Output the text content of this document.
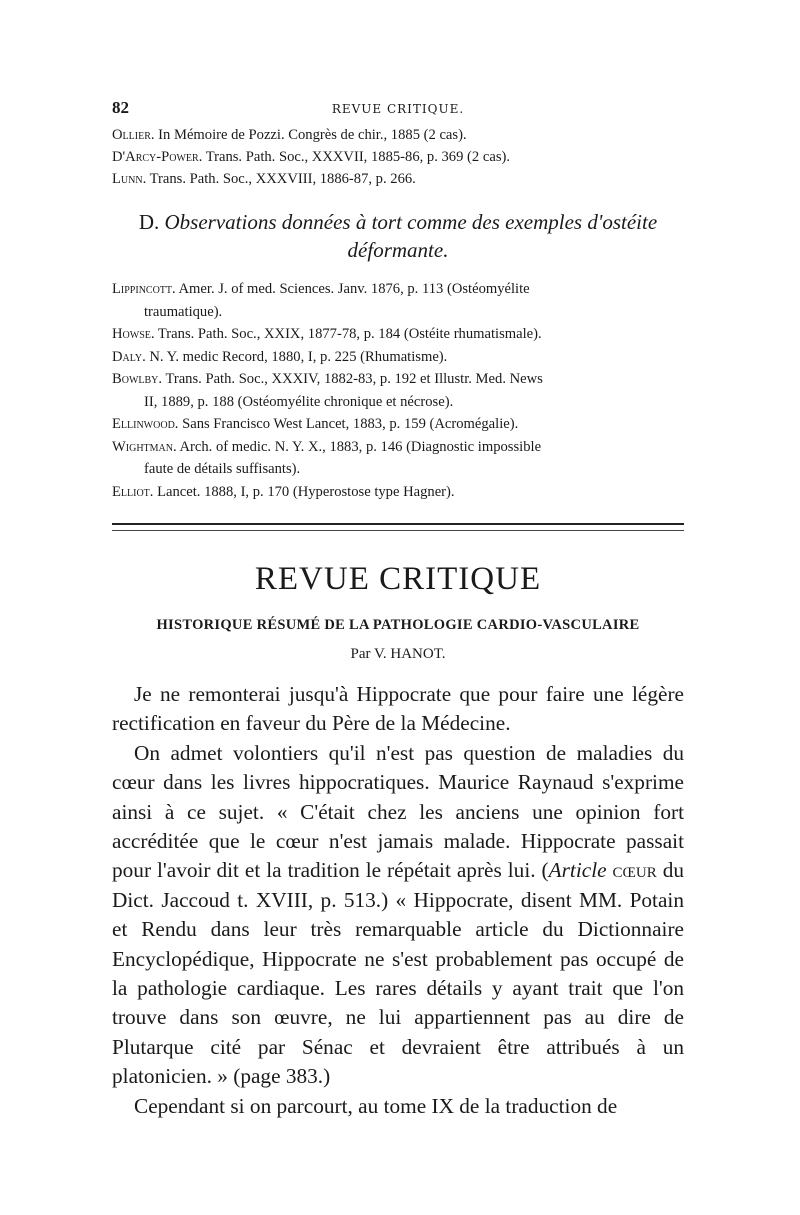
82	REVUE CRITIQUE.

Ollier. In Mémoire de Pozzi. Congrès de chir., 1885 (2 cas).

D'Arcy-Power. Trans. Path. Soc., XXXVII, 1885-86, p. 369 (2 cas).

Lunn. Trans. Path. Soc., XXXVIII, 1886-87, p. 266.

D. Observations données à tort comme des exemples d'ostéite déformante.

Lippincott. Amer. J. of med. Sciences. Janv. 1876, p. 113 (Ostéomyélite
traumatique).

Howse. Trans. Path. Soc., XXIX, 1877-78, p. 184 (Ostéite rhumatismale).

Daly. N. Y. medic Record, 1880, I, p. 225 (Rhumatisme).

Bowlby. Trans. Path. Soc., XXXIV, 1882-83, p. 192 et Illustr. Med. News
II, 1889, p. 188 (Ostéomyélite chronique et nécrose).

Ellinwood. Sans Francisco West Lancet, 1883, p. 159 (Acromégalie).

Wightman. Arch. of medic. N. Y. X., 1883, p. 146 (Diagnostic impossible
faute de détails suffisants).

Elliot. Lancet. 1888, I, p. 170 (Hyperostose type Hagner).

REVUE CRITIQUE

HISTORIQUE RÉSUMÉ DE LA PATHOLOGIE CARDIO-VASCULAIRE

Par V. HANOT.

Je ne remonterai jusqu'à Hippocrate que pour faire une légère rectification en faveur du Père de la Médecine.

On admet volontiers qu'il n'est pas question de maladies du cœur dans les livres hippocratiques. Maurice Raynaud s'exprime ainsi à ce sujet. « C'était chez les anciens une opinion fort accréditée que le cœur n'est jamais malade. Hippocrate passait pour l'avoir dit et la tradition le répétait après lui. (Article cœur du Dict. Jaccoud t. XVIII, p. 513.) « Hippocrate, disent MM. Potain et Rendu dans leur très remarquable article du Dictionnaire Encyclopédique, Hippocrate ne s'est probablement pas occupé de la pathologie cardiaque. Les rares détails y ayant trait que l'on trouve dans son œuvre, ne lui appartiennent pas au dire de Plutarque cité par Sénac et devraient être attribués à un platonicien. » (page 383.)

Cependant si on parcourt, au tome IX de la traduction de
